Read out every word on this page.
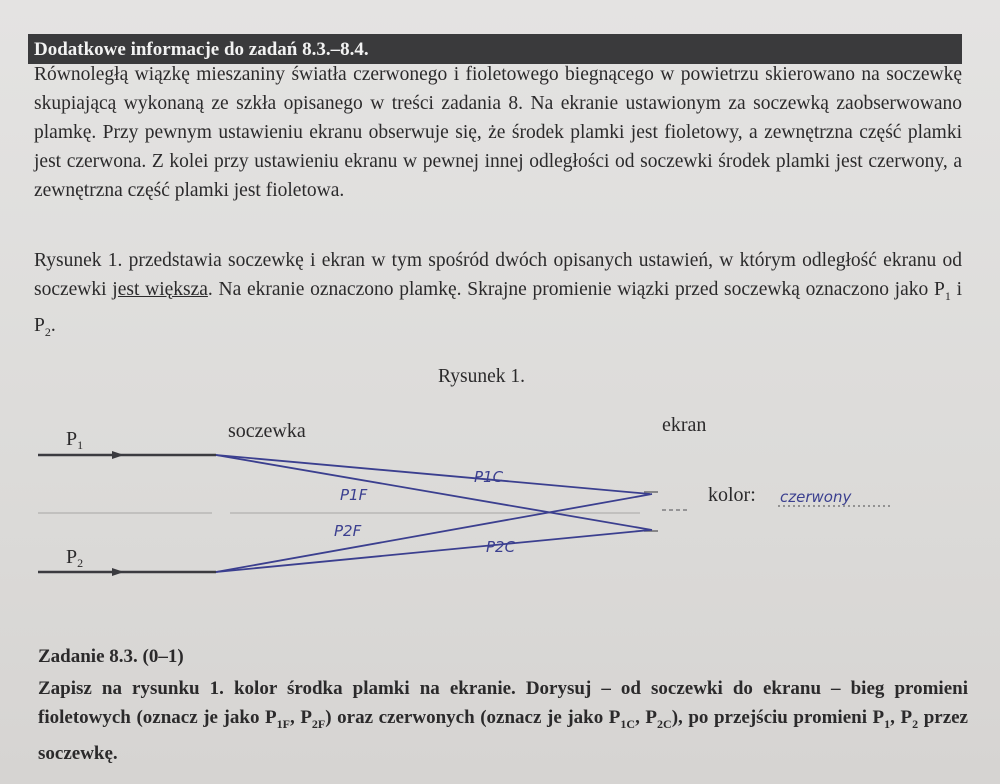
Dodatkowe informacje do zadań 8.3.–8.4.

Równoległą wiązkę mieszaniny światła czerwonego i fioletowego biegnącego w powietrzu skierowano na soczewkę skupiającą wykonaną ze szkła opisanego w treści zadania 8. Na ekranie ustawionym za soczewką zaobserwowano plamkę. Przy pewnym ustawieniu ekranu obserwuje się, że środek plamki jest fioletowy, a zewnętrzna część plamki jest czerwona. Z kolei przy ustawieniu ekranu w pewnej innej odległości od soczewki środek plamki jest czerwony, a zewnętrzna część plamki jest fioletowa.

Rysunek 1. przedstawia soczewkę i ekran w tym spośród dwóch opisanych ustawień, w którym odległość ekranu od soczewki jest większa. Na ekranie oznaczono plamkę. Skrajne promienie wiązki przed soczewką oznaczono jako $P_1$ i $P_2$.

Rysunek 1.
$P_1$
$P_2$
soczewka	ekran
kolor: czerwony
P1C
P1F
P2F
P2C
Zadanie 8.3. (0–1)

Zapisz na rysunku 1. kolor środka plamki na ekranie. Dorysuj – od soczewki do ekranu – bieg promieni fioletowych (oznacz je jako $P_{1F}$, $P_{2F}$) oraz czerwonych (oznacz je jako $P_{1C}$, $P_{2C}$), po przejściu promieni $P_1$, $P_2$ przez soczewkę.
